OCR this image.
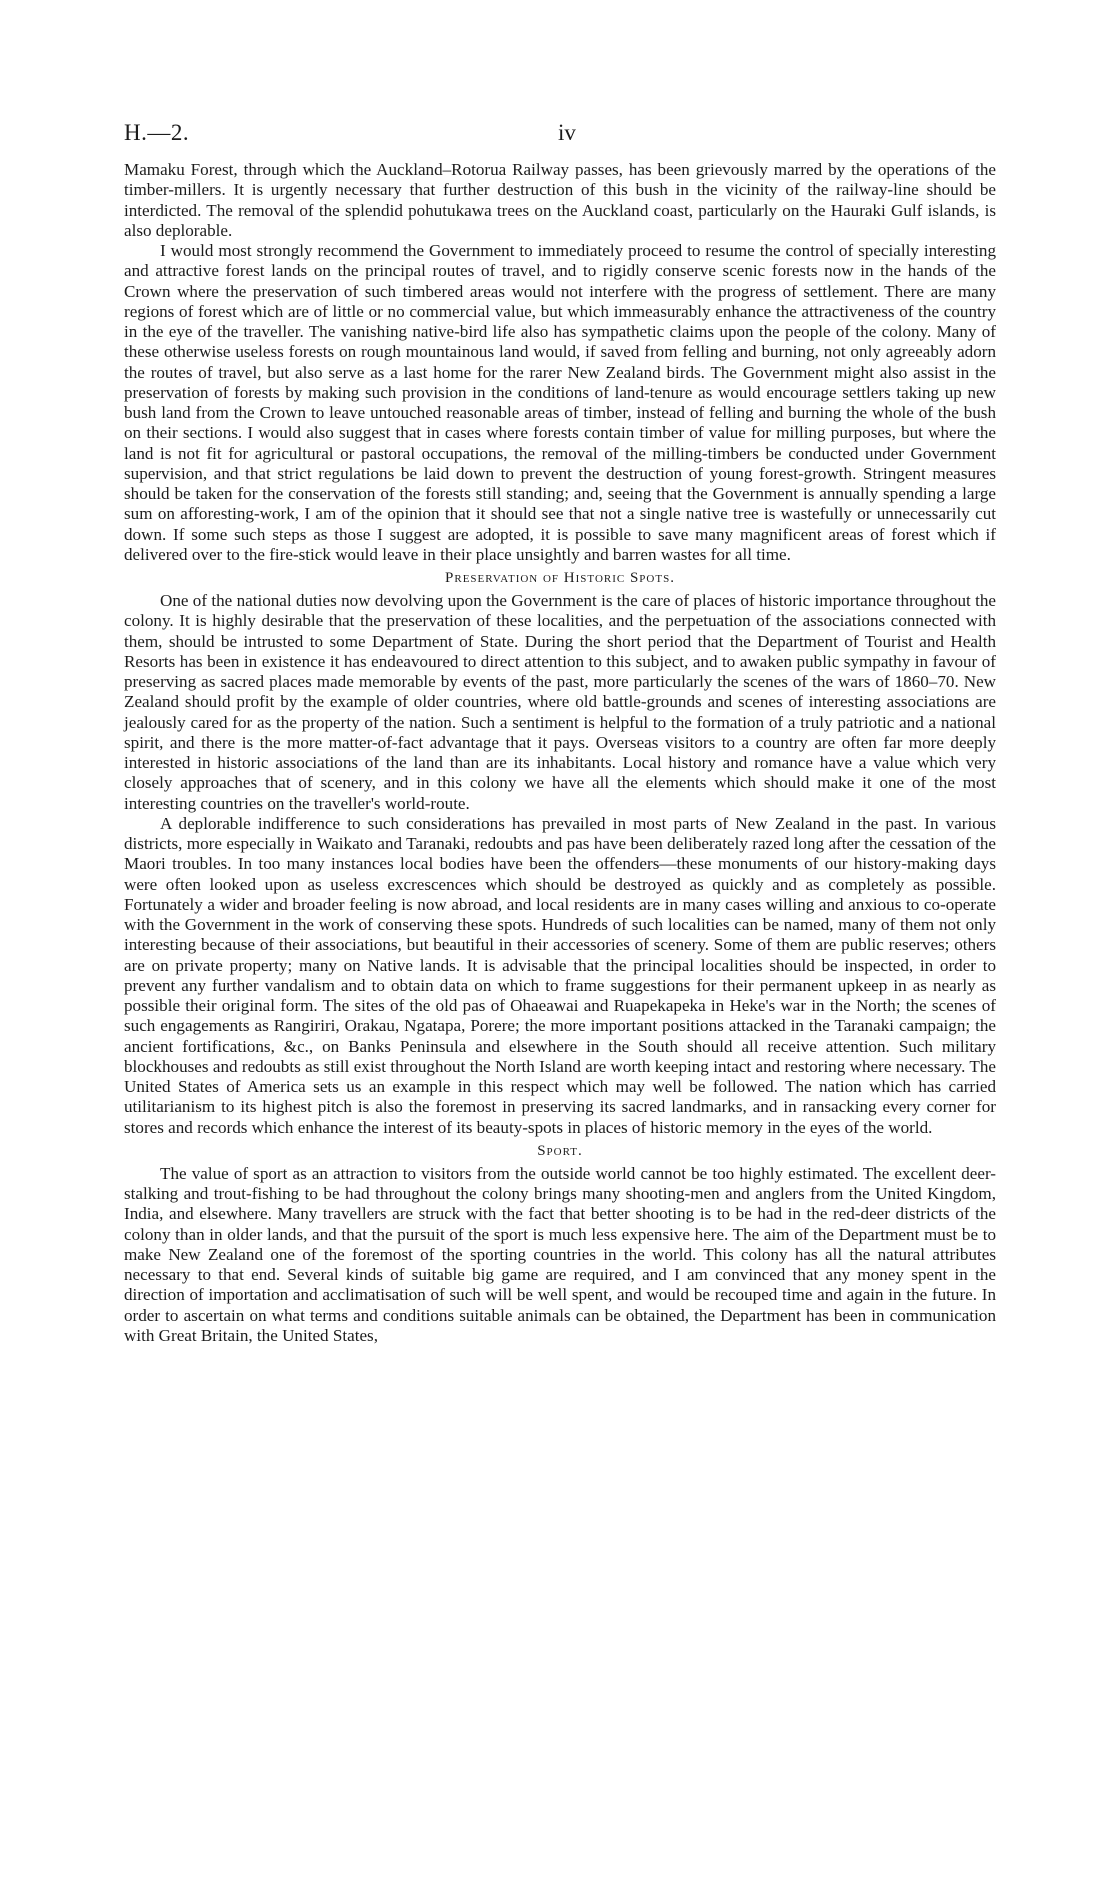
H.—2.	iv

Mamaku Forest, through which the Auckland–Rotorua Railway passes, has been grievously marred by the operations of the timber-millers. It is urgently necessary that further destruction of this bush in the vicinity of the railway-line should be interdicted. The removal of the splendid pohutukawa trees on the Auckland coast, particularly on the Hauraki Gulf islands, is also deplorable.

I would most strongly recommend the Government to immediately proceed to resume the control of specially interesting and attractive forest lands on the principal routes of travel, and to rigidly conserve scenic forests now in the hands of the Crown where the preservation of such timbered areas would not interfere with the progress of settlement. There are many regions of forest which are of little or no commercial value, but which immeasurably enhance the attractiveness of the country in the eye of the traveller. The vanishing native-bird life also has sympathetic claims upon the people of the colony. Many of these otherwise useless forests on rough mountainous land would, if saved from felling and burning, not only agreeably adorn the routes of travel, but also serve as a last home for the rarer New Zealand birds. The Government might also assist in the preservation of forests by making such provision in the conditions of land-tenure as would encourage settlers taking up new bush land from the Crown to leave untouched reasonable areas of timber, instead of felling and burning the whole of the bush on their sections. I would also suggest that in cases where forests contain timber of value for milling purposes, but where the land is not fit for agricultural or pastoral occupations, the removal of the milling-timbers be conducted under Government supervision, and that strict regulations be laid down to prevent the destruction of young forest-growth. Stringent measures should be taken for the conservation of the forests still standing; and, seeing that the Government is annually spending a large sum on afforesting-work, I am of the opinion that it should see that not a single native tree is wastefully or unnecessarily cut down. If some such steps as those I suggest are adopted, it is possible to save many magnificent areas of forest which if delivered over to the fire-stick would leave in their place unsightly and barren wastes for all time.

Preservation of Historic Spots.

One of the national duties now devolving upon the Government is the care of places of historic importance throughout the colony. It is highly desirable that the preservation of these localities, and the perpetuation of the associations connected with them, should be intrusted to some Department of State. During the short period that the Department of Tourist and Health Resorts has been in existence it has endeavoured to direct attention to this subject, and to awaken public sympathy in favour of preserving as sacred places made memorable by events of the past, more particularly the scenes of the wars of 1860–70. New Zealand should profit by the example of older countries, where old battle-grounds and scenes of interesting associations are jealously cared for as the property of the nation. Such a sentiment is helpful to the formation of a truly patriotic and a national spirit, and there is the more matter-of-fact advantage that it pays. Overseas visitors to a country are often far more deeply interested in historic associations of the land than are its inhabitants. Local history and romance have a value which very closely approaches that of scenery, and in this colony we have all the elements which should make it one of the most interesting countries on the traveller's world-route.

A deplorable indifference to such considerations has prevailed in most parts of New Zealand in the past. In various districts, more especially in Waikato and Taranaki, redoubts and pas have been deliberately razed long after the cessation of the Maori troubles. In too many instances local bodies have been the offenders—these monuments of our history-making days were often looked upon as useless excrescences which should be destroyed as quickly and as completely as possible. Fortunately a wider and broader feeling is now abroad, and local residents are in many cases willing and anxious to co-operate with the Government in the work of conserving these spots. Hundreds of such localities can be named, many of them not only interesting because of their associations, but beautiful in their accessories of scenery. Some of them are public reserves; others are on private property; many on Native lands. It is advisable that the principal localities should be inspected, in order to prevent any further vandalism and to obtain data on which to frame suggestions for their permanent upkeep in as nearly as possible their original form. The sites of the old pas of Ohaeawai and Ruapekapeka in Heke's war in the North; the scenes of such engagements as Rangiriri, Orakau, Ngatapa, Porere; the more important positions attacked in the Taranaki campaign; the ancient fortifications, &c., on Banks Peninsula and elsewhere in the South should all receive attention. Such military blockhouses and redoubts as still exist throughout the North Island are worth keeping intact and restoring where necessary. The United States of America sets us an example in this respect which may well be followed. The nation which has carried utilitarianism to its highest pitch is also the foremost in preserving its sacred landmarks, and in ransacking every corner for stores and records which enhance the interest of its beauty-spots in places of historic memory in the eyes of the world.

Sport.

The value of sport as an attraction to visitors from the outside world cannot be too highly estimated. The excellent deer-stalking and trout-fishing to be had throughout the colony brings many shooting-men and anglers from the United Kingdom, India, and elsewhere. Many travellers are struck with the fact that better shooting is to be had in the red-deer districts of the colony than in older lands, and that the pursuit of the sport is much less expensive here. The aim of the Department must be to make New Zealand one of the foremost of the sporting countries in the world. This colony has all the natural attributes necessary to that end. Several kinds of suitable big game are required, and I am convinced that any money spent in the direction of importation and acclimatisation of such will be well spent, and would be recouped time and again in the future. In order to ascertain on what terms and conditions suitable animals can be obtained, the Department has been in communication with Great Britain, the United States,
